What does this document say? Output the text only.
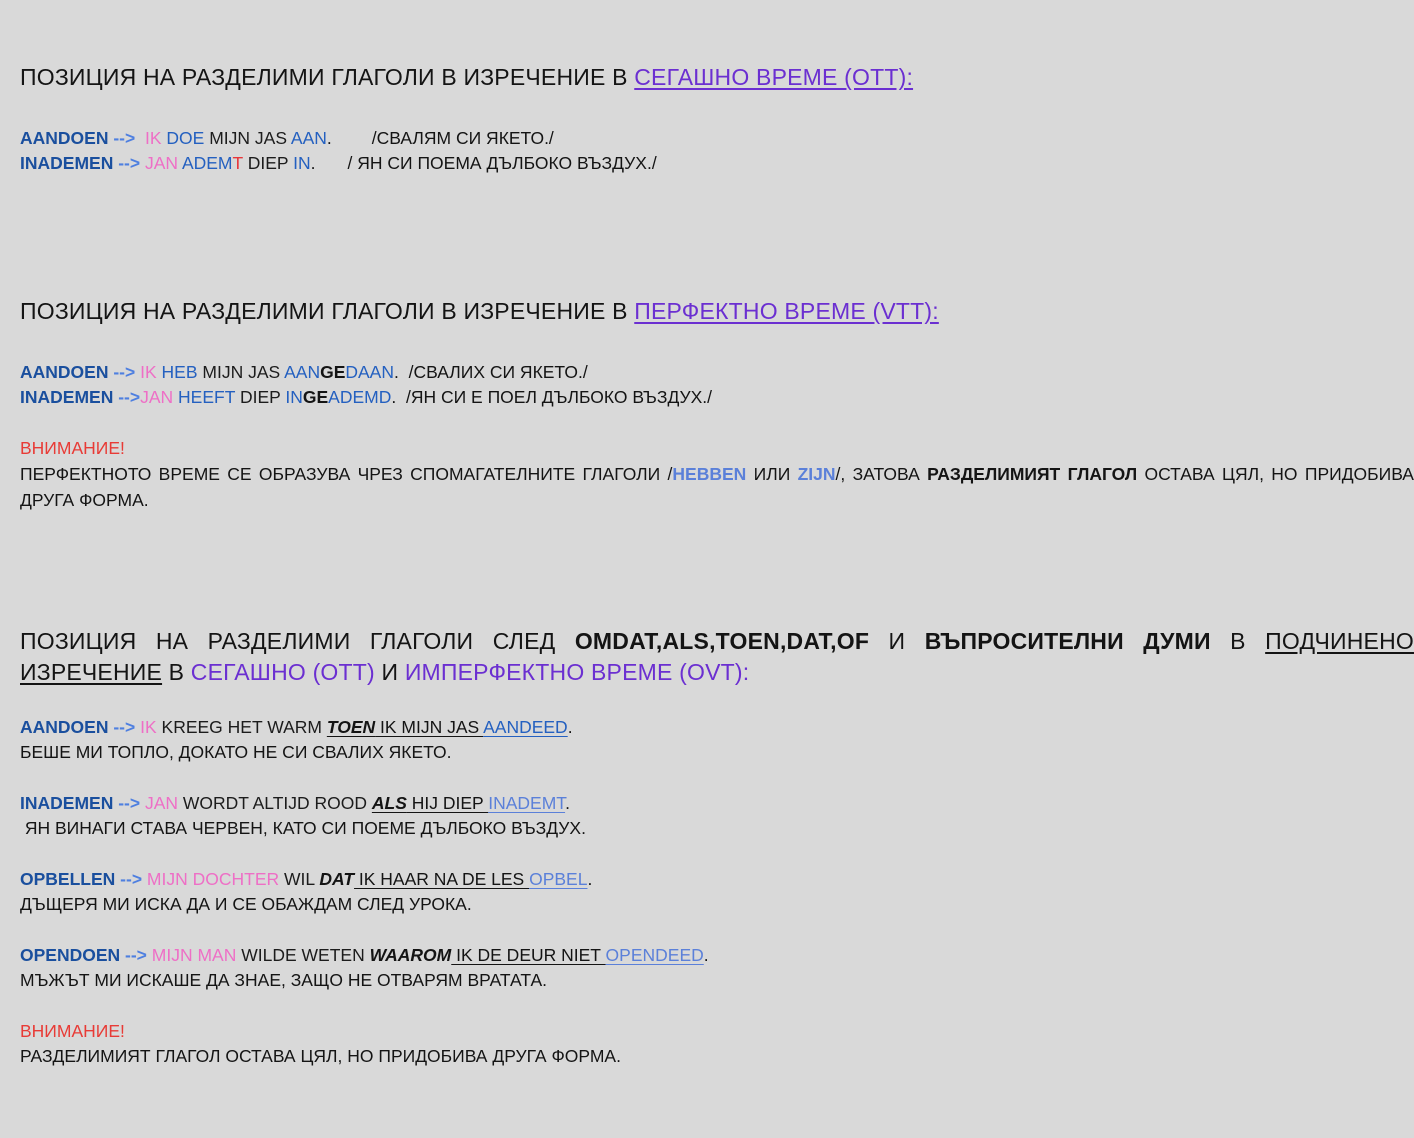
ПОЗИЦИЯ НА РАЗДЕЛИМИ ГЛАГОЛИ В ИЗРЕЧЕНИЕ В СЕГАШНО ВРЕМЕ (OTT):
AANDOEN --> IK DOE MIJN JAS AAN. /СВАЛЯМ СИ ЯКЕТО./
INADEMEN --> JAN ADEMT DIEP IN. / ЯН СИ ПОЕМА ДЪЛБОКО ВЪЗДУХ./
ПОЗИЦИЯ НА РАЗДЕЛИМИ ГЛАГОЛИ В ИЗРЕЧЕНИЕ В ПЕРФЕКТНО ВРЕМЕ (VTT):
AANDOEN --> IK HEB MIJN JAS AANGEDAAN. /СВАЛИХ СИ ЯКЕТО./
INADEMEN -->JAN HEEFT DIEP INGEADEMD. /ЯН СИ Е ПОЕЛ ДЪЛБОКО ВЪЗДУХ./
ВНИМАНИЕ!
ПЕРФЕКТНОТО ВРЕМЕ СЕ ОБРАЗУВА ЧРЕЗ СПОМАГАТЕЛНИТЕ ГЛАГОЛИ /HEBBEN ИЛИ ZIJN/, ЗАТОВА РАЗДЕЛИМИЯТ ГЛАГОЛ ОСТАВА ЦЯЛ, НО ПРИДОБИВА ДРУГА ФОРМА.
ПОЗИЦИЯ НА РАЗДЕЛИМИ ГЛАГОЛИ СЛЕД OMDAT,ALS,TOEN,DAT,OF И ВЪПРОСИТЕЛНИ ДУМИ В ПОДЧИНЕНО ИЗРЕЧЕНИЕ В СЕГАШНО (OTT) И ИМПЕРФЕКТНО ВРЕМЕ (OVT):
AANDOEN --> IK KREEG HET WARM TOEN IK MIJN JAS AANDEED.
БЕШЕ МИ ТОПЛО, ДОКАТО НЕ СИ СВАЛИХ ЯКЕТО.
INADEMEN --> JAN WORDT ALTIJD ROOD ALS HIJ DIEP INADEMT.
ЯН ВИНАГИ СТАВА ЧЕРВЕН, КАТО СИ ПОЕМЕ ДЪЛБОКО ВЪЗДУХ.
OPBELLEN --> MIJN DOCHTER WIL DAT IK HAAR NA DE LES OPBEL.
ДЪЩЕРЯ МИ ИСКА ДА И СЕ ОБАЖДАМ СЛЕД УРОКА.
OPENDOEN --> MIJN MAN WILDE WETEN WAAROM IK DE DEUR NIET OPENDEED.
МЪЖЪТ МИ ИСКАШЕ ДА ЗНАЕ, ЗАЩО НЕ ОТВАРЯМ ВРАТАТА.
ВНИМАНИЕ!
РАЗДЕЛИМИЯТ ГЛАГОЛ ОСТАВА ЦЯЛ, НО ПРИДОБИВА ДРУГА ФОРМА.
